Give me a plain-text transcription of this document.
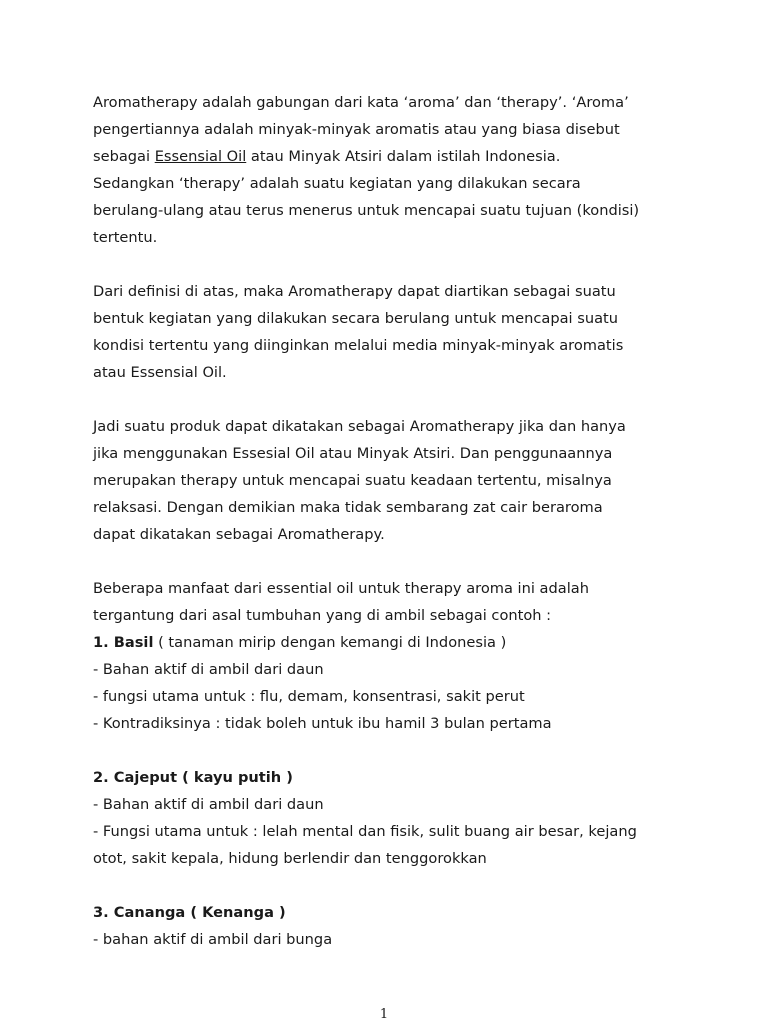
Aromatherapy adalah gabungan dari kata ‘aroma’ dan ‘therapy’. ‘Aroma’
pengertiannya adalah minyak-minyak aromatis atau yang biasa disebut
sebagai Essensial Oil atau Minyak Atsiri dalam istilah Indonesia.
Sedangkan ‘therapy’ adalah suatu kegiatan yang dilakukan secara
berulang-ulang atau terus menerus untuk mencapai suatu tujuan (kondisi)
tertentu.
Dari definisi di atas, maka Aromatherapy dapat diartikan sebagai suatu
bentuk kegiatan yang dilakukan secara berulang untuk mencapai suatu
kondisi tertentu yang diinginkan melalui media minyak-minyak aromatis
atau Essensial Oil.
Jadi suatu produk dapat dikatakan sebagai Aromatherapy jika dan hanya
jika menggunakan Essesial Oil atau Minyak Atsiri. Dan penggunaannya
merupakan therapy untuk mencapai suatu keadaan tertentu, misalnya
relaksasi. Dengan demikian maka tidak sembarang zat cair beraroma
dapat dikatakan sebagai Aromatherapy.
Beberapa manfaat dari essential oil untuk therapy aroma ini adalah
tergantung dari asal tumbuhan yang di ambil sebagai contoh :
1. Basil ( tanaman mirip dengan kemangi di Indonesia )
- Bahan aktif di ambil dari daun
- fungsi utama untuk : flu, demam, konsentrasi, sakit perut
- Kontradiksinya : tidak boleh untuk ibu hamil 3 bulan pertama
2. Cajeput ( kayu putih )
- Bahan aktif di ambil dari daun
- Fungsi utama untuk : lelah mental dan fisik, sulit buang air besar, kejang
otot, sakit kepala, hidung berlendir dan tenggorokkan
3. Cananga ( Kenanga )
- bahan aktif di ambil dari bunga
1
